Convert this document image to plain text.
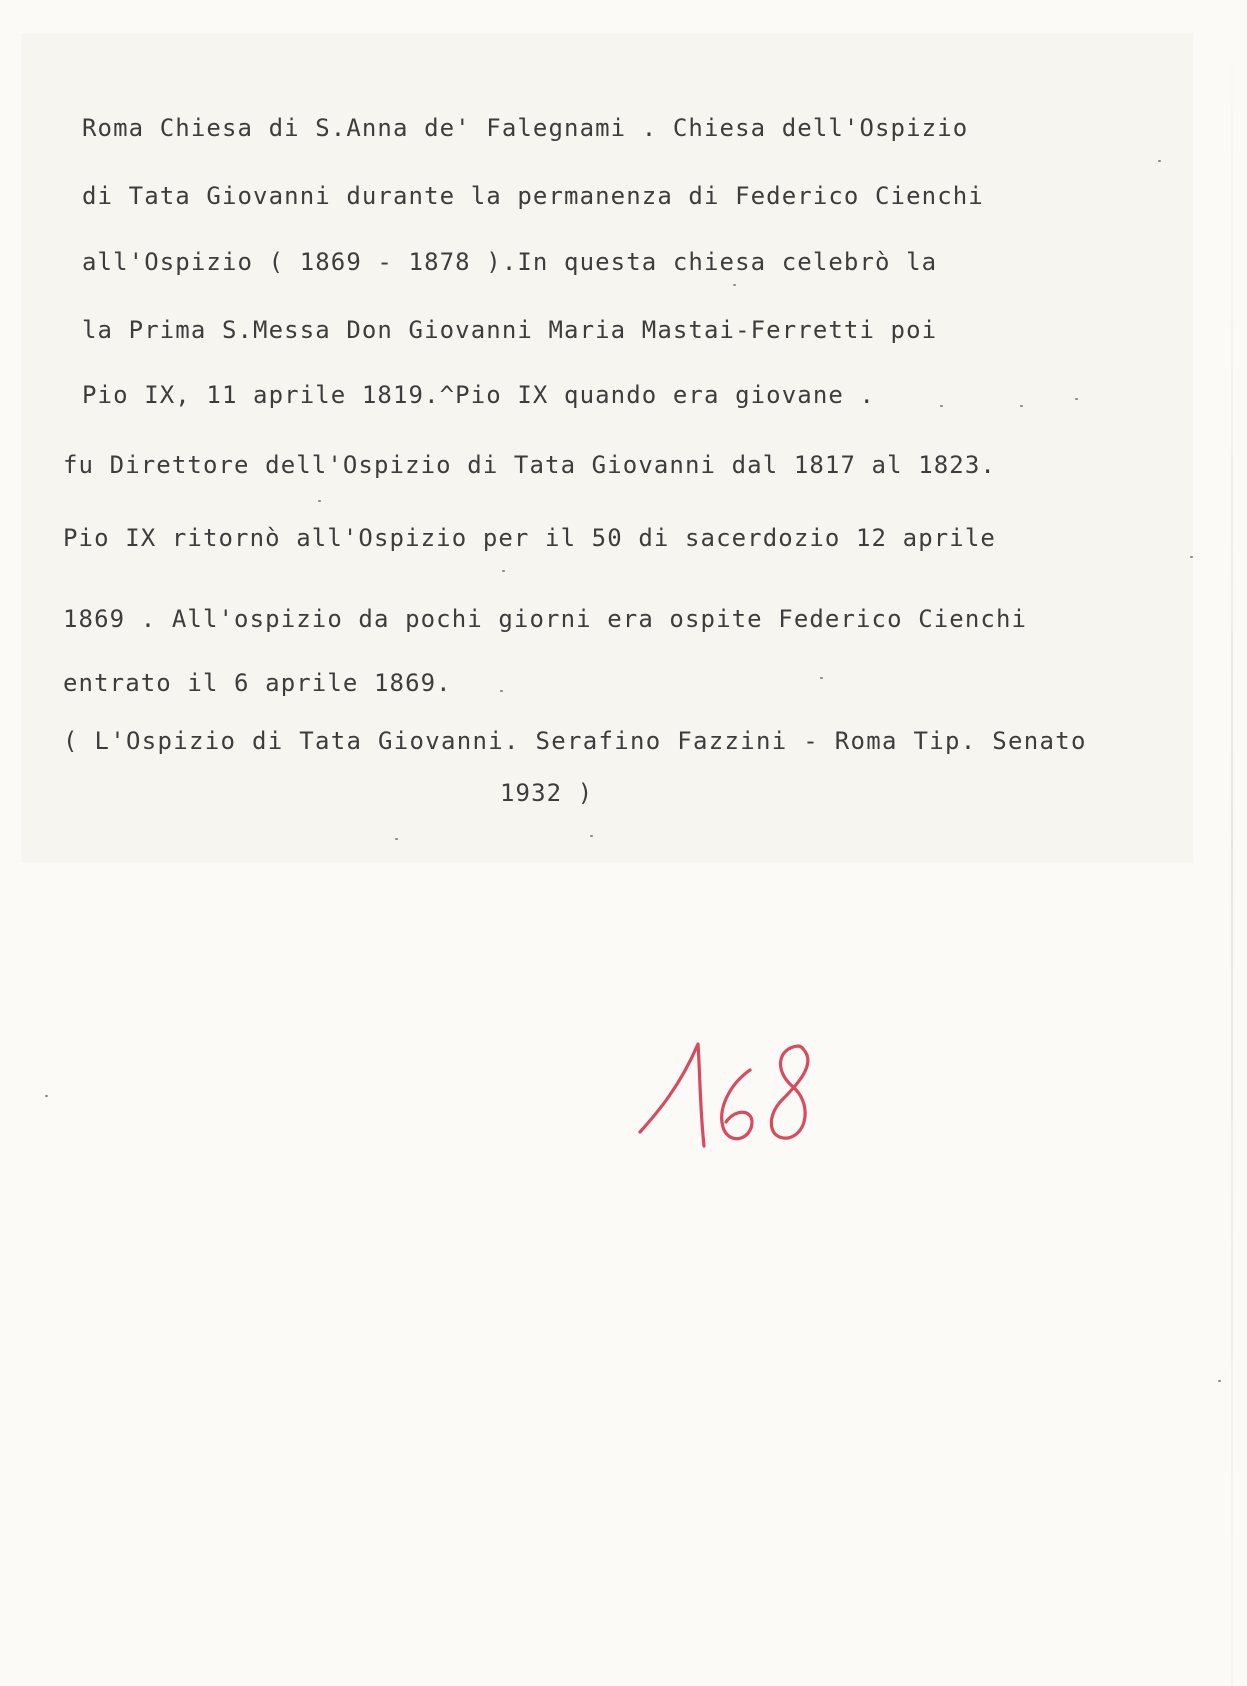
Roma Chiesa di S.Anna de' Falegnami . Chiesa dell'Ospizio
di Tata Giovanni durante la permanenza di Federico Cienchi
all'Ospizio ( 1869 - 1878 ).In questa chiesa celebrò la
la Prima S.Messa Don Giovanni Maria Mastai-Ferretti poi
Pio IX, 11 aprile 1819.^Pio IX quando era giovane .
fu Direttore dell'Ospizio di Tata Giovanni dal 1817 al 1823.
Pio IX ritornò all'Ospizio per il 50 di sacerdozio 12 aprile
1869 . All'ospizio da pochi giorni era ospite Federico Cienchi
entrato il 6 aprile 1869.
( L'Ospizio di Tata Giovanni. Serafino Fazzini - Roma Tip. Senato
1932 )
